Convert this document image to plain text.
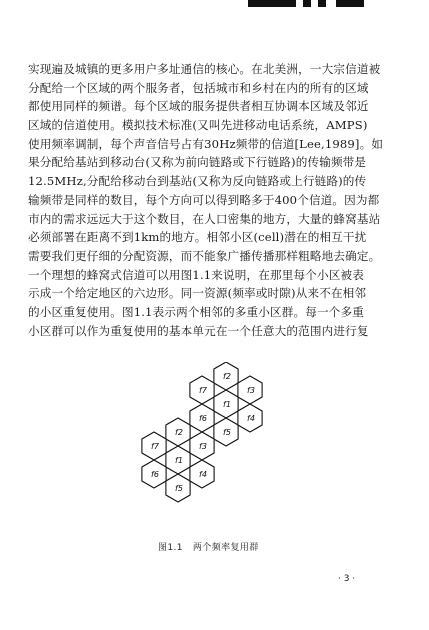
实现遍及城镇的更多用户多址通信的核心。在北美洲，一大宗信道被
分配给一个区域的两个服务者，包括城市和乡村在内的所有的区域
都使用同样的频谱。每个区域的服务提供者相互协调本区域及邻近
区域的信道使用。模拟技术标准(又叫先进移动电话系统，AMPS)
使用频率调制，每个声音信号占有30Hz频带的信道[Lee,1989]。如
果分配给基站到移动台(又称为前向链路或下行链路)的传输频带是
12.5MHz,分配给移动台到基站(又称为反向链路或上行链路)的传
输频带是同样的数目，每个方向可以得到略多于400个信道。因为都
市内的需求远远大于这个数目，在人口密集的地方，大量的蜂窝基站
必须部署在距离不到1km的地方。相邻小区(cell)潜在的相互干扰
需要我们更仔细的分配资源，而不能象广播传播那样粗略地去确定。
一个理想的蜂窝式信道可以用图1.1来说明，在那里每个小区被表
示成一个给定地区的六边形。同一资源(频率或时隙)从来不在相邻
的小区重复使用。图1.1表示两个相邻的多重小区群。每一个多重
小区群可以作为重复使用的基本单元在一个任意大的范围内进行复
f2
f7	f3
f1
f6
f5
f4
f2
f7	f3
f1
f6
f5
f4
图1.1 两个频率复用群
· 3 ·
